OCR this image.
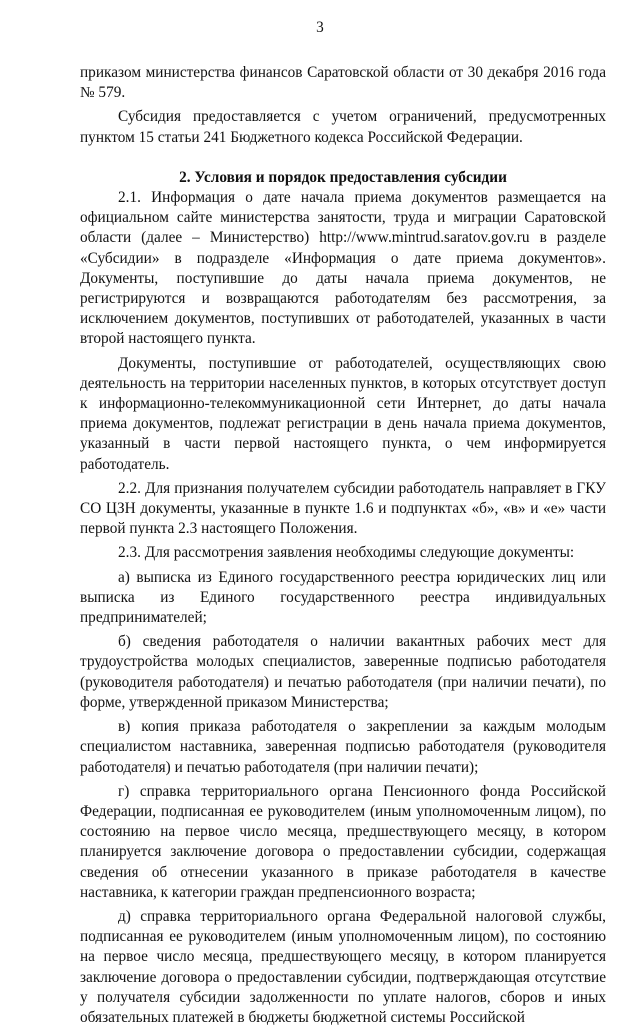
3

приказом министерства финансов Саратовской области от 30 декабря 2016 года № 579.

Субсидия предоставляется с учетом ограничений, предусмотренных пунктом 15 статьи 241 Бюджетного кодекса Российской Федерации.

2. Условия и порядок предоставления субсидии

2.1. Информация о дате начала приема документов размещается на официальном сайте министерства занятости, труда и миграции Саратовской области (далее – Министерство) http://www.mintrud.saratov.gov.ru в разделе «Субсидии» в подразделе «Информация о дате приема документов». Документы, поступившие до даты начала приема документов, не регистрируются и возвращаются работодателям без рассмотрения, за исключением документов, поступивших от работодателей, указанных в части второй настоящего пункта.

Документы, поступившие от работодателей, осуществляющих свою деятельность на территории населенных пунктов, в которых отсутствует доступ к информационно-телекоммуникационной сети Интернет, до даты начала приема документов, подлежат регистрации в день начала приема документов, указанный в части первой настоящего пункта, о чем информируется работодатель.

2.2. Для признания получателем субсидии работодатель направляет в ГКУ СО ЦЗН документы, указанные в пункте 1.6 и подпунктах «б», «в» и «е» части первой пункта 2.3 настоящего Положения.

2.3. Для рассмотрения заявления необходимы следующие документы:

а) выписка из Единого государственного реестра юридических лиц или выписка из Единого государственного реестра индивидуальных предпринимателей;

б) сведения работодателя о наличии вакантных рабочих мест для трудоустройства молодых специалистов, заверенные подписью работодателя (руководителя работодателя) и печатью работодателя (при наличии печати), по форме, утвержденной приказом Министерства;

в) копия приказа работодателя о закреплении за каждым молодым специалистом наставника, заверенная подписью работодателя (руководителя работодателя) и печатью работодателя (при наличии печати);

г) справка территориального органа Пенсионного фонда Российской Федерации, подписанная ее руководителем (иным уполномоченным лицом), по состоянию на первое число месяца, предшествующего месяцу, в котором планируется заключение договора о предоставлении субсидии, содержащая сведения об отнесении указанного в приказе работодателя в качестве наставника, к категории граждан предпенсионного возраста;

д) справка территориального органа Федеральной налоговой службы, подписанная ее руководителем (иным уполномоченным лицом), по состоянию на первое число месяца, предшествующего месяцу, в котором планируется заключение договора о предоставлении субсидии, подтверждающая отсутствие у получателя субсидии задолженности по уплате налогов, сборов и иных обязательных платежей в бюджеты бюджетной системы Российской
